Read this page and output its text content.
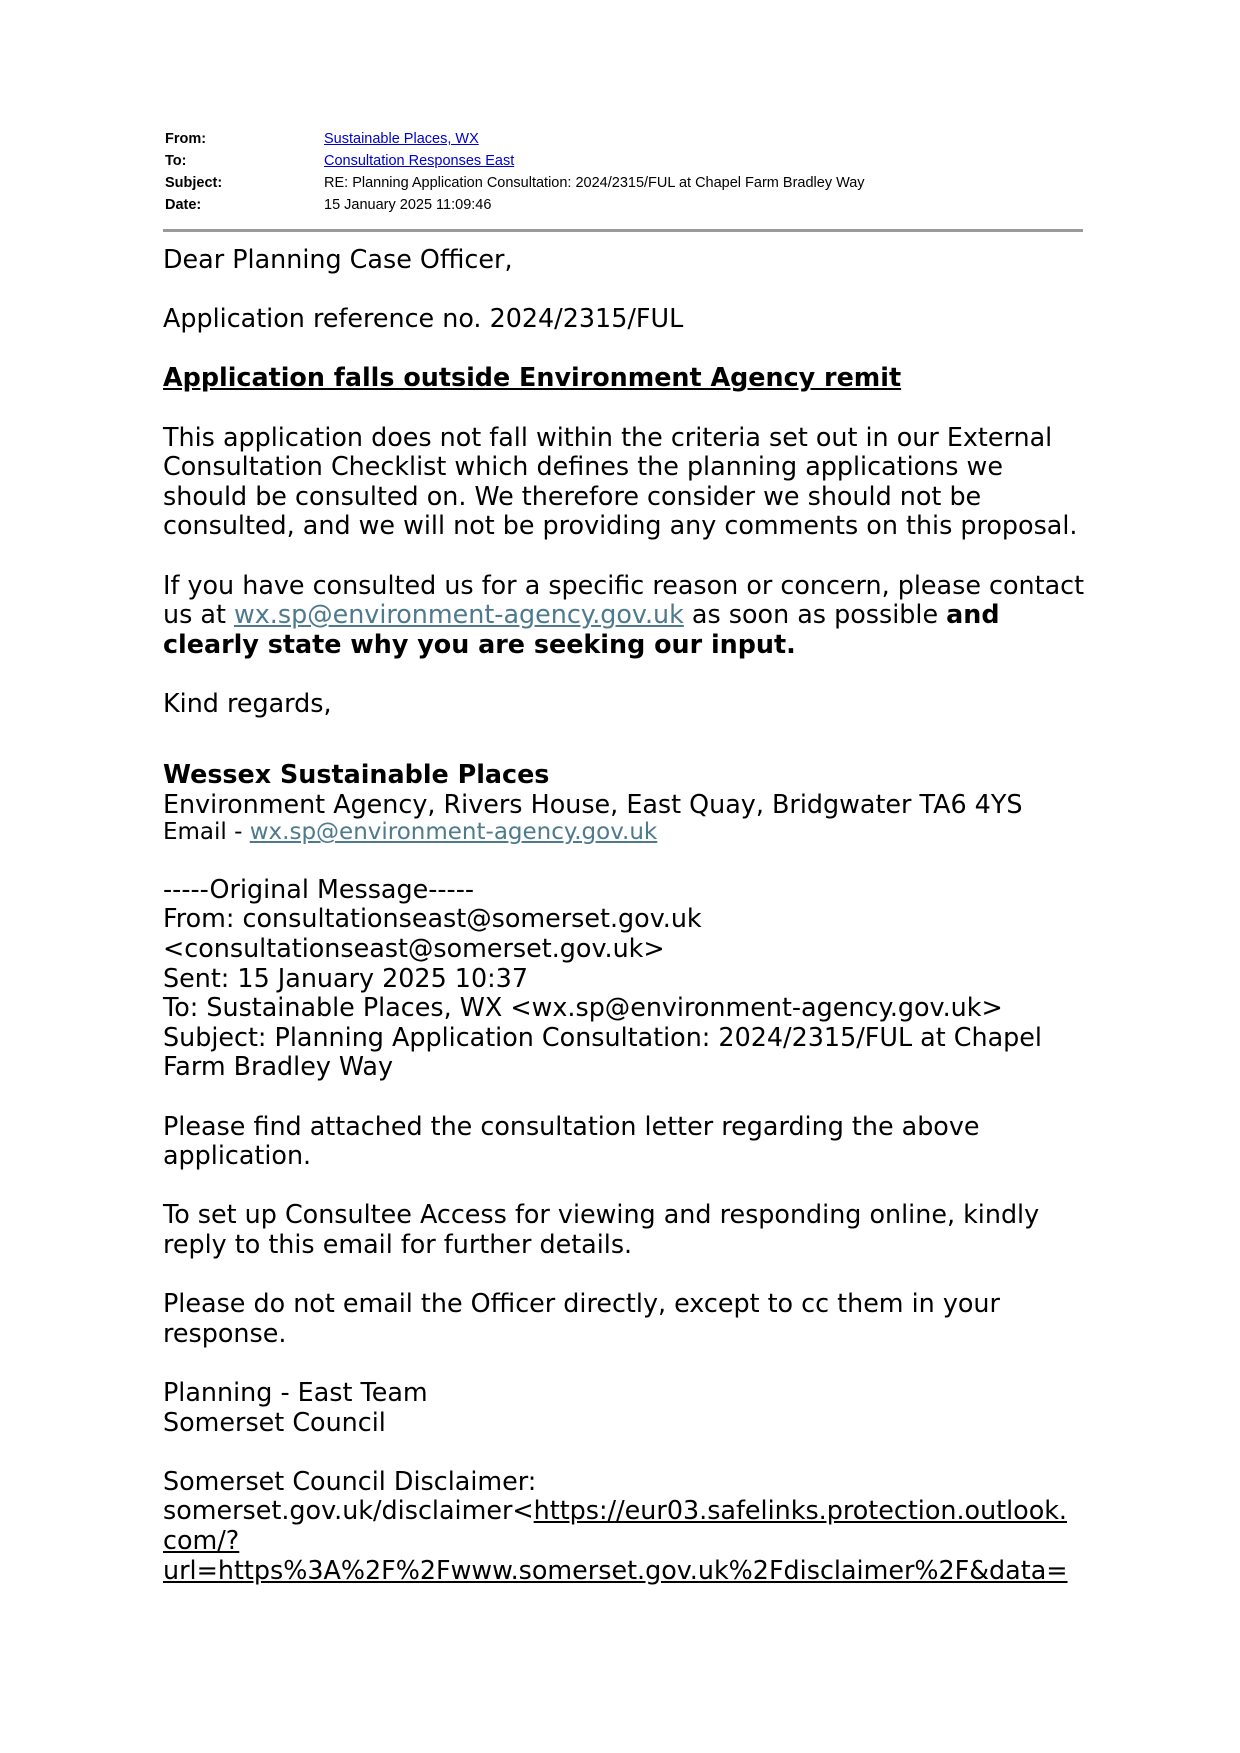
From:	Sustainable Places, WX
To:	Consultation Responses East
Subject:	RE: Planning Application Consultation: 2024/2315/FUL at Chapel Farm Bradley Way
Date:	15 January 2025 11:09:46

Dear Planning Case Officer,

Application reference no. 2024/2315/FUL

Application falls outside Environment Agency remit

This application does not fall within the criteria set out in our External Consultation Checklist which defines the planning applications we should be consulted on. We therefore consider we should not be consulted, and we will not be providing any comments on this proposal.

If you have consulted us for a specific reason or concern, please contact us at wx.sp@environment-agency.gov.uk as soon as possible and clearly state why you are seeking our input.

Kind regards,

Wessex Sustainable Places

Environment Agency, Rivers House, East Quay, Bridgwater TA6 4YS

Email - wx.sp@environment-agency.gov.uk

-----Original Message-----

From: consultationseast@somerset.gov.uk

<consultationseast@somerset.gov.uk>

Sent: 15 January 2025 10:37

To: Sustainable Places, WX <wx.sp@environment-agency.gov.uk>

Subject: Planning Application Consultation: 2024/2315/FUL at Chapel Farm Bradley Way

Please find attached the consultation letter regarding the above application.

To set up Consultee Access for viewing and responding online, kindly reply to this email for further details.

Please do not email the Officer directly, except to cc them in your response.

Planning - East Team

Somerset Council

Somerset Council Disclaimer:

somerset.gov.uk/disclaimer<https://eur03.safelinks.protection.outlook.

com/?

url=https%3A%2F%2Fwww.somerset.gov.uk%2Fdisclaimer%2F&data=
